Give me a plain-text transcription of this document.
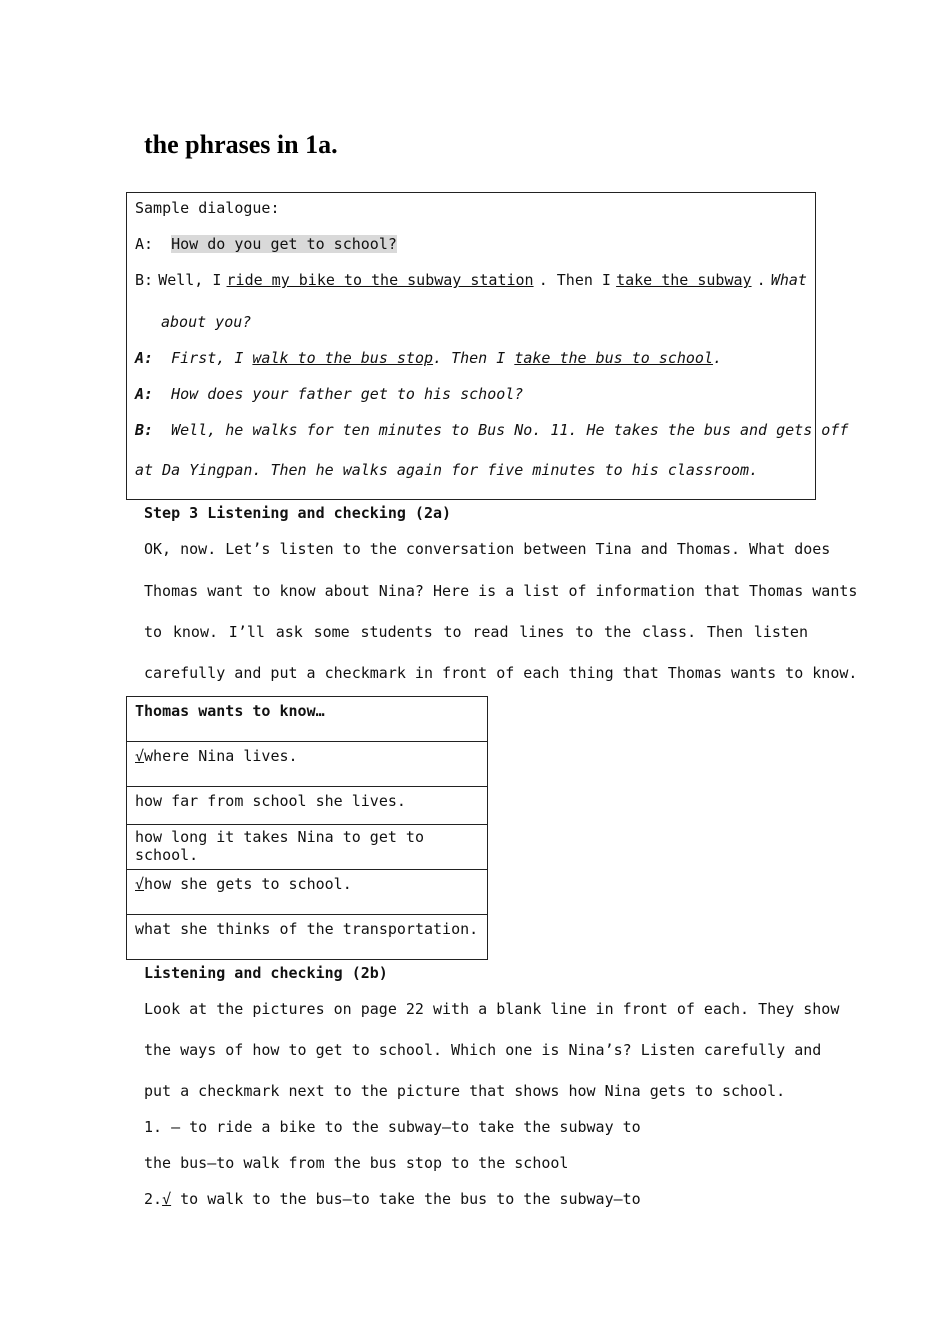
the phrases in 1a.
Sample dialogue:
A: How do you get to school?
B: Well, I ride my bike to the subway station . Then I take the subway . What
about you?
A: First, I walk to the bus stop. Then I take the bus to school.
A: How does your father get to his school?
B: Well, he walks for ten minutes to Bus No. 11. He takes the bus and gets off
at Da Yingpan. Then he walks again for five minutes to his classroom.
Step 3 Listening and checking (2a)
OK, now. Let’s listen to the conversation between Tina and Thomas. What does
Thomas want to know about Nina? Here is a list of information that Thomas wants
to know. I’ll ask some students to read lines to the class. Then listen
carefully and put a checkmark in front of each thing that Thomas wants to know.
Thomas wants to know…
√where Nina lives.
how far from school she lives.
how long it takes Nina to get to school.
√how she gets to school.
what she thinks of the transportation.
Listening and checking (2b)
Look at the pictures on page 22 with a blank line in front of each. They show
the ways of how to get to school. Which one is Nina’s? Listen carefully and
put a checkmark next to the picture that shows how Nina gets to school.
1. — to ride a bike to the subway—to take the subway to
the bus—to walk from the bus stop to the school
2.√ to walk to the bus—to take the bus to the subway—to
